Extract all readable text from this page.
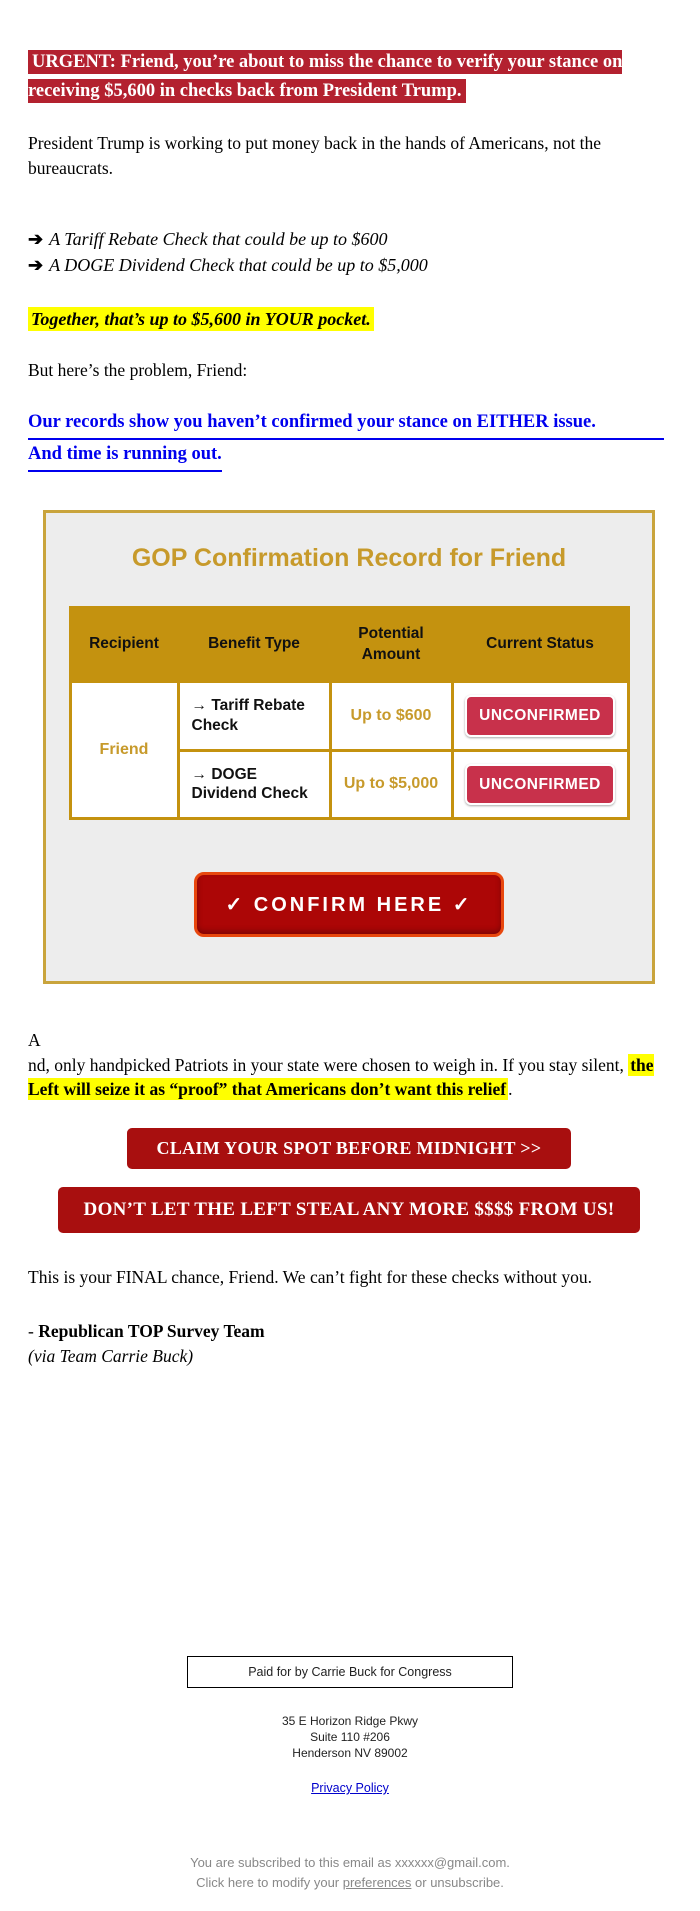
URGENT: Friend, you’re about to miss the chance to verify your stance on receiving $5,600 in checks back from President Trump.

President Trump is working to put money back in the hands of Americans, not the bureaucrats.

➔ A Tariff Rebate Check that could be up to $600
➔ A DOGE Dividend Check that could be up to $5,000

Together, that’s up to $5,600 in YOUR pocket.

But here’s the problem, Friend:

Our records show you haven’t confirmed your stance on EITHER issue.And time is running out.

GOP Confirmation Record for Friend
Recipient	Benefit Type	Potential Amount	Current Status
Friend	→ Tariff Rebate Check	Up to $600	UNCONFIRMED
	→ DOGE Dividend Check	Up to $5,000	UNCONFIRMED
✓ CONFIRM HERE ✓

A
nd, only handpicked Patriots in your state were chosen to weigh in. If you stay silent, the Left will seize it as “proof” that Americans don’t want this relief .

CLAIM YOUR SPOT BEFORE MIDNIGHT >>
DON’T LET THE LEFT STEAL ANY MORE $$$$ FROM US!

This is your FINAL chance, Friend. We can’t fight for these checks without you.

- Republican TOP Survey Team
(via Team Carrie Buck)

Paid for by Carrie Buck for Congress
35 E Horizon Ridge Pkwy
Suite 110 #206
Henderson NV 89002
Privacy Policy
You are subscribed to this email as xxxxxx@gmail.com.
Click here to modify your preferences or unsubscribe.
